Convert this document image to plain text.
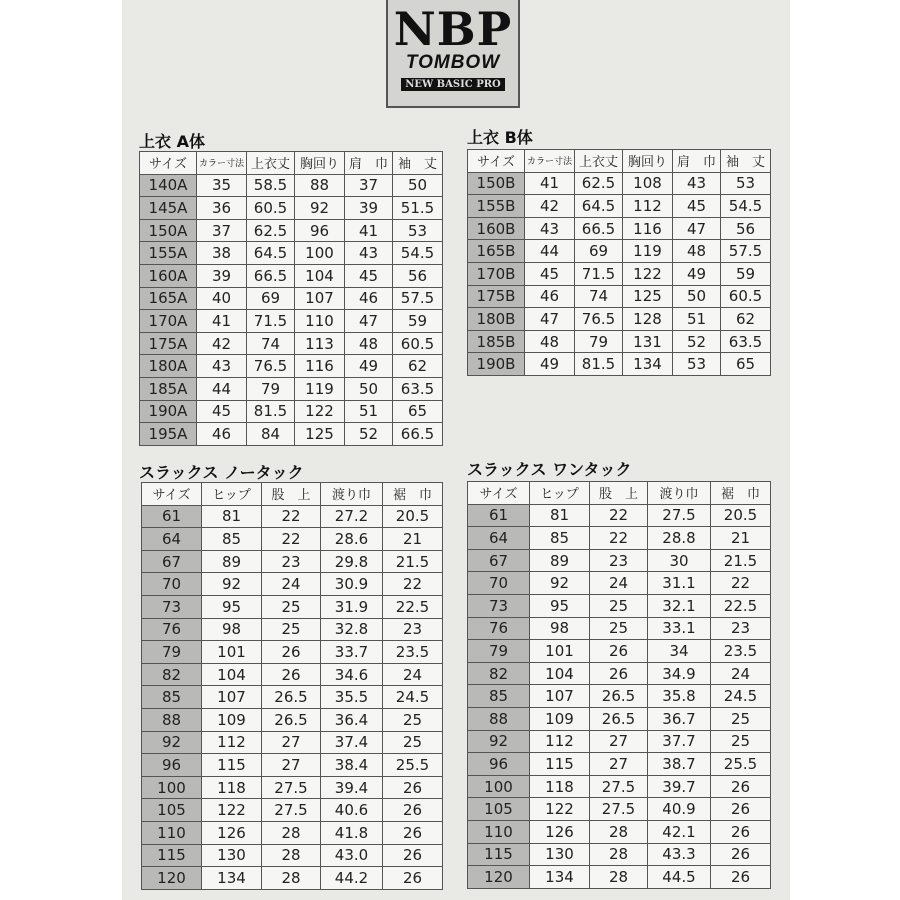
NBP
TOMBOW
NEW BASIC PRO
上衣 A体
サイズ	カラー寸法	上衣丈	胸回り	肩　巾	袖　丈
140A	35	58.5	88	37	50
145A	36	60.5	92	39	51.5
150A	37	62.5	96	41	53
155A	38	64.5	100	43	54.5
160A	39	66.5	104	45	56
165A	40	69	107	46	57.5
170A	41	71.5	110	47	59
175A	42	74	113	48	60.5
180A	43	76.5	116	49	62
185A	44	79	119	50	63.5
190A	45	81.5	122	51	65
195A	46	84	125	52	66.5
上衣 B体
サイズ	カラー寸法	上衣丈	胸回り	肩　巾	袖　丈
150B	41	62.5	108	43	53
155B	42	64.5	112	45	54.5
160B	43	66.5	116	47	56
165B	44	69	119	48	57.5
170B	45	71.5	122	49	59
175B	46	74	125	50	60.5
180B	47	76.5	128	51	62
185B	48	79	131	52	63.5
190B	49	81.5	134	53	65
スラックス ノータック
サイズ	ヒップ	股　上	渡り巾	裾　巾
61	81	22	27.2	20.5
64	85	22	28.6	21
67	89	23	29.8	21.5
70	92	24	30.9	22
73	95	25	31.9	22.5
76	98	25	32.8	23
79	101	26	33.7	23.5
82	104	26	34.6	24
85	107	26.5	35.5	24.5
88	109	26.5	36.4	25
92	112	27	37.4	25
96	115	27	38.4	25.5
100	118	27.5	39.4	26
105	122	27.5	40.6	26
110	126	28	41.8	26
115	130	28	43.0	26
120	134	28	44.2	26
スラックス ワンタック
サイズ	ヒップ	股　上	渡り巾	裾　巾
61	81	22	27.5	20.5
64	85	22	28.8	21
67	89	23	30	21.5
70	92	24	31.1	22
73	95	25	32.1	22.5
76	98	25	33.1	23
79	101	26	34	23.5
82	104	26	34.9	24
85	107	26.5	35.8	24.5
88	109	26.5	36.7	25
92	112	27	37.7	25
96	115	27	38.7	25.5
100	118	27.5	39.7	26
105	122	27.5	40.9	26
110	126	28	42.1	26
115	130	28	43.3	26
120	134	28	44.5	26
